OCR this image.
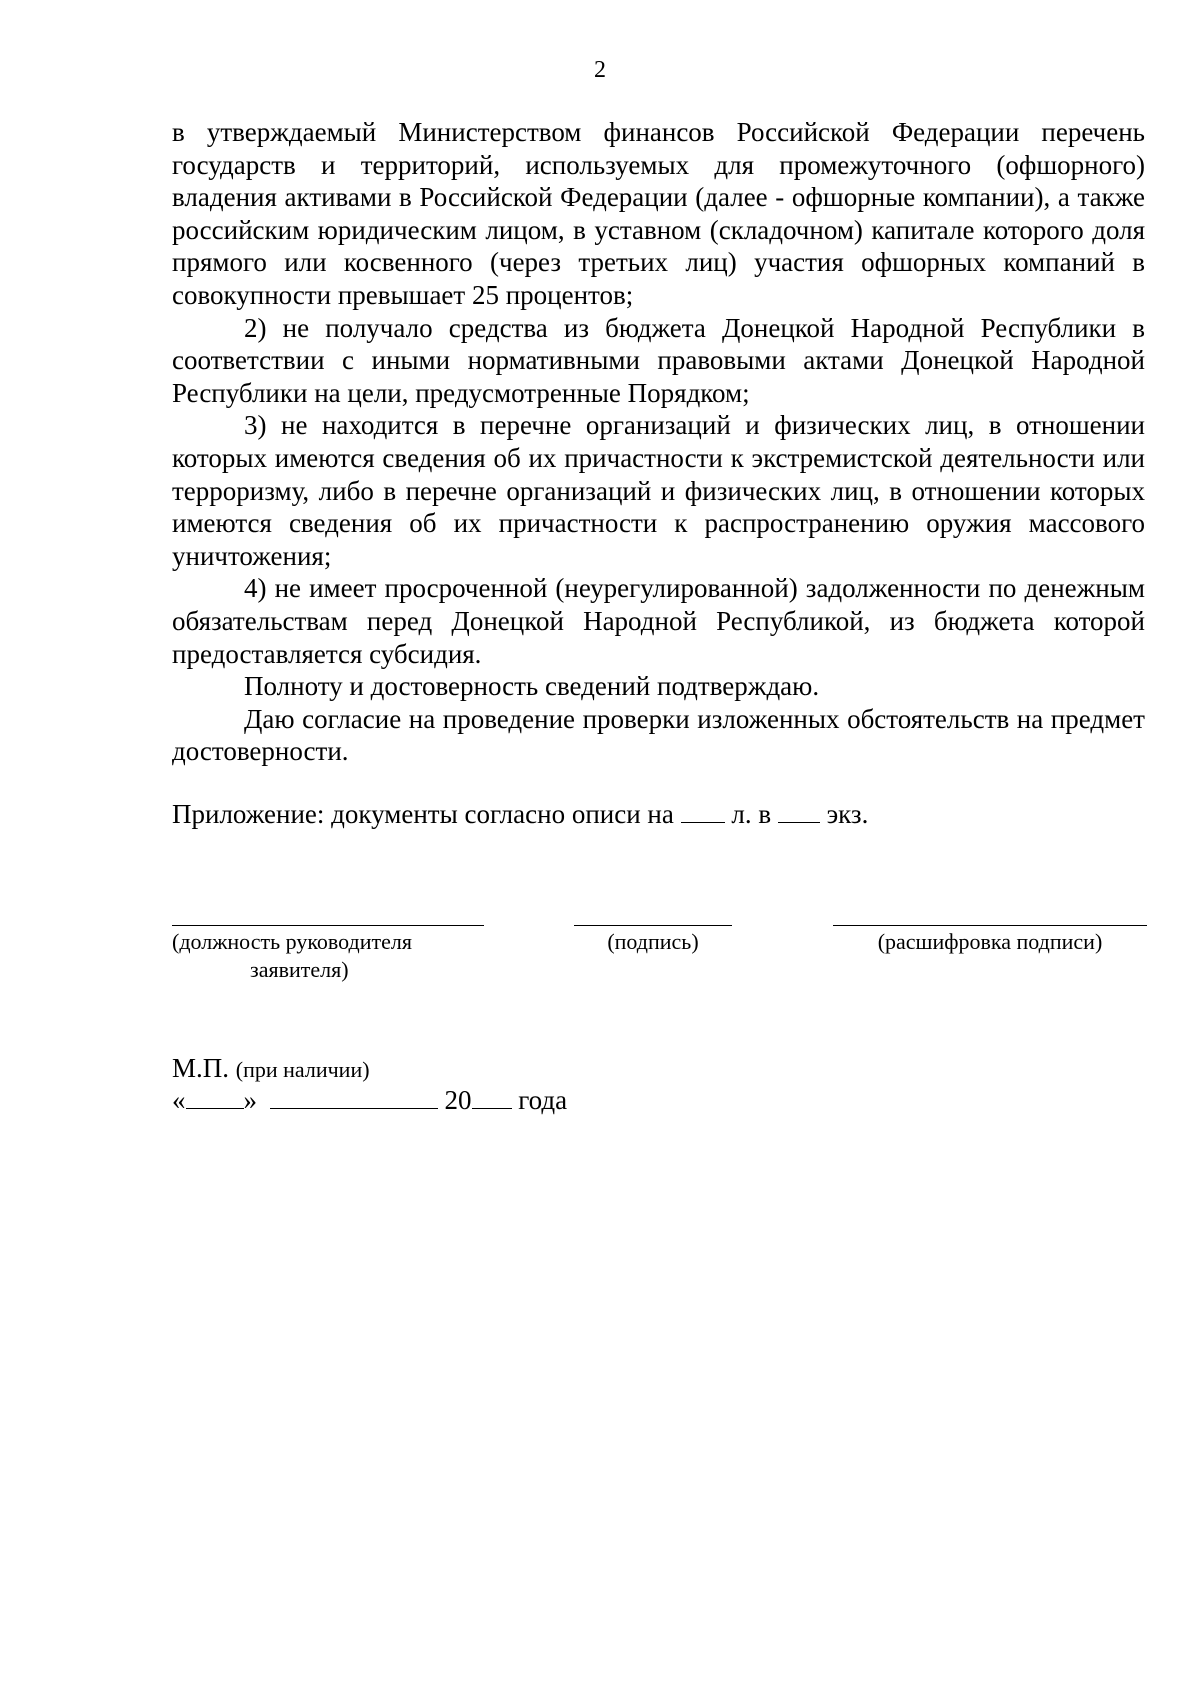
2

в утверждаемый Министерством финансов Российской Федерации перечень государств и территорий, используемых для промежуточного (офшорного) владения активами в Российской Федерации (далее - офшорные компании), а также российским юридическим лицом, в уставном (складочном) капитале которого доля прямого или косвенного (через третьих лиц) участия офшорных компаний в совокупности превышает 25 процентов;

2) не получало средства из бюджета Донецкой Народной Республики в соответствии с иными нормативными правовыми актами Донецкой Народной Республики на цели, предусмотренные Порядком;

3) не находится в перечне организаций и физических лиц, в отношении которых имеются сведения об их причастности к экстремистской деятельности или терроризму, либо в перечне организаций и физических лиц, в отношении которых имеются сведения об их причастности к распространению оружия массового уничтожения;

4) не имеет просроченной (неурегулированной) задолженности по денежным обязательствам перед Донецкой Народной Республикой, из бюджета которой предоставляется субсидия.

Полноту и достоверность сведений подтверждаю.

Даю согласие на проведение проверки изложенных обстоятельств на предмет достоверности.

Приложение: документы согласно описи на л. в экз.
(должность руководителя
заявителя)
(подпись)	(расшифровка подписи)
М.П. (при наличии)
« »	20 года
